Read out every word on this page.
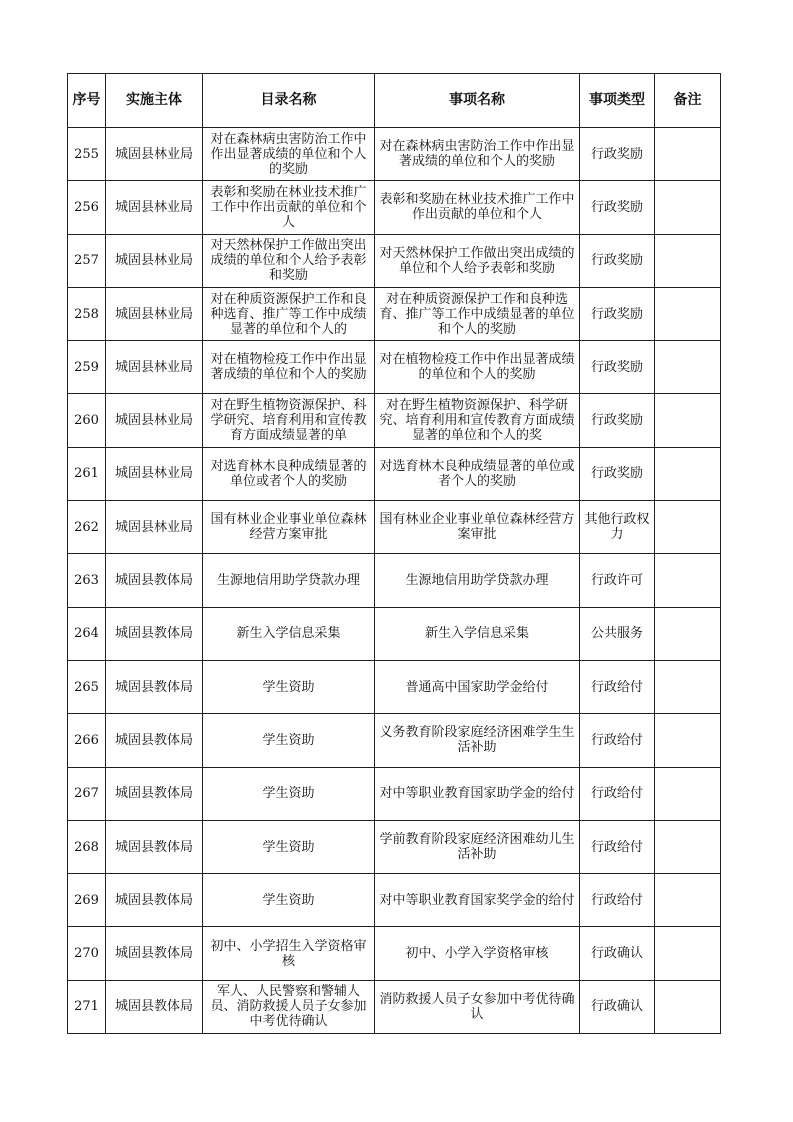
序号	实施主体	目录名称	事项名称	事项类型	备注

255	城固县林业局	对在森林病虫害防治工作中作出显著成绩的单位和个人的奖励	对在森林病虫害防治工作中作出显著成绩的单位和个人的奖励	行政奖励	

256	城固县林业局	表彰和奖励在林业技术推广工作中作出贡献的单位和个人	表彰和奖励在林业技术推广工作中作出贡献的单位和个人	行政奖励	

257	城固县林业局	对天然林保护工作做出突出成绩的单位和个人给予表彰和奖励	对天然林保护工作做出突出成绩的单位和个人给予表彰和奖励	行政奖励	

258	城固县林业局	对在种质资源保护工作和良种选育、推广等工作中成绩显著的单位和个人的	对在种质资源保护工作和良种选育、推广等工作中成绩显著的单位和个人的奖励	行政奖励	

259	城固县林业局	对在植物检疫工作中作出显著成绩的单位和个人的奖励	对在植物检疫工作中作出显著成绩的单位和个人的奖励	行政奖励	

260	城固县林业局	对在野生植物资源保护、科学研究、培育利用和宣传教育方面成绩显著的单	对在野生植物资源保护、科学研究、培育利用和宣传教育方面成绩显著的单位和个人的奖	行政奖励	

261	城固县林业局	对选育林木良种成绩显著的单位或者个人的奖励	对选育林木良种成绩显著的单位或者个人的奖励	行政奖励	

262	城固县林业局	国有林业企业事业单位森林经营方案审批	国有林业企业事业单位森林经营方案审批	其他行政权力	

263	城固县教体局	生源地信用助学贷款办理	生源地信用助学贷款办理	行政许可	

264	城固县教体局	新生入学信息采集	新生入学信息采集	公共服务	

265	城固县教体局	学生资助	普通高中国家助学金给付	行政给付	

266	城固县教体局	学生资助	义务教育阶段家庭经济困难学生生活补助	行政给付	

267	城固县教体局	学生资助	对中等职业教育国家助学金的给付	行政给付	

268	城固县教体局	学生资助	学前教育阶段家庭经济困难幼儿生活补助	行政给付	

269	城固县教体局	学生资助	对中等职业教育国家奖学金的给付	行政给付	

270	城固县教体局	初中、小学招生入学资格审核	初中、小学入学资格审核	行政确认	

271	城固县教体局	军人、人民警察和警辅人员、消防救援人员子女参加中考优待确认	消防救援人员子女参加中考优待确认	行政确认	
